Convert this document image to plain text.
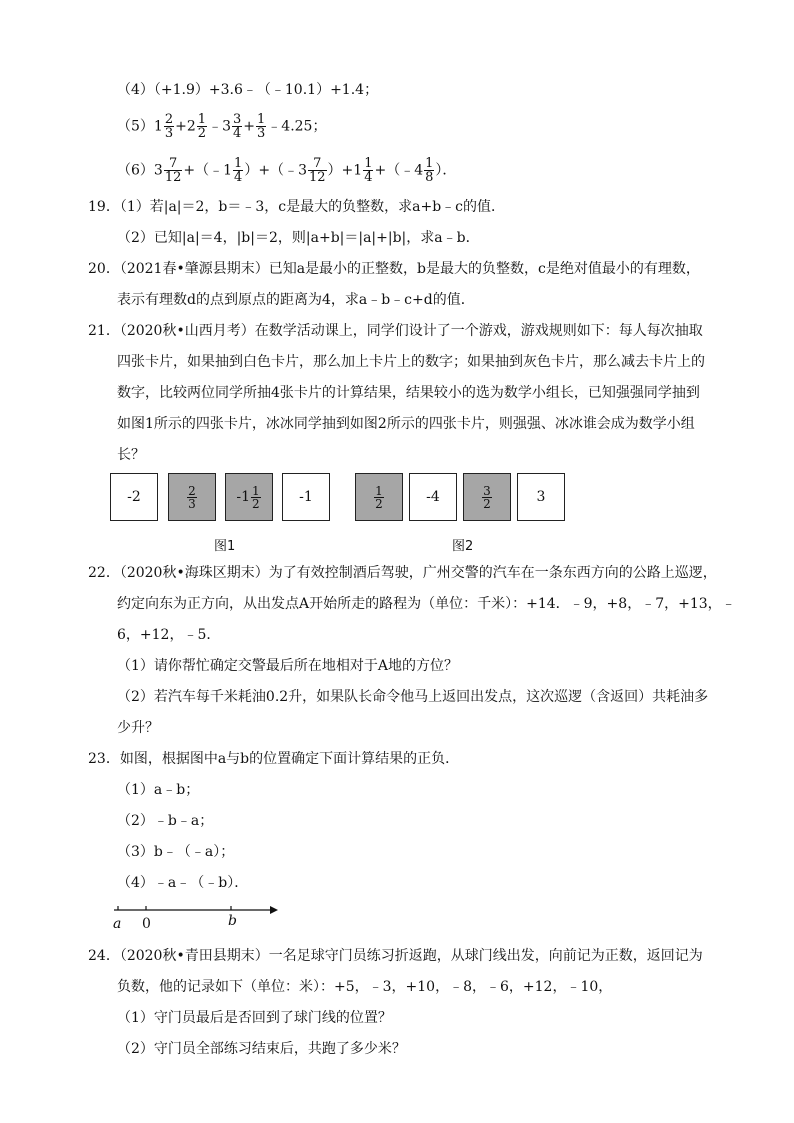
（4）（+1.9）+3.6﹣（﹣10.1）+1.4；
$(5)1 \frac{2}{3} +2 \frac{1}{2}$ ﹣3 $\frac{3}{4} + \frac{1}{3}$ ﹣4.25；
$(6)3 \frac{7}{12}$ +（﹣1 $\frac{1}{4}$ ）+（﹣3 $\frac{7}{12} )+1 \frac{1}{4}$ +（﹣4 $\frac{1}{8}$ ）．
19．（1）若|a|＝2，b＝﹣3，c是最大的负整数，求a+b﹣c的值．
（2）已知|a|＝4，|b|＝2，则|a+b|＝|a|+|b|，求a﹣b．
20．（2021春•肇源县期末）已知a是最小的正整数，b是最大的负整数，c是绝对值最小的有理数，
表示有理数d的点到原点的距离为4，求a﹣b﹣c+d的值．
21．（2020秋•山西月考）在数学活动课上，同学们设计了一个游戏，游戏规则如下：每人每次抽取
四张卡片，如果抽到白色卡片，那么加上卡片上的数字；如果抽到灰色卡片，那么减去卡片上的
数字，比较两位同学所抽4张卡片的计算结果，结果较小的选为数学小组长，已知强强同学抽到
如图1所示的四张卡片，冰冰同学抽到如图2所示的四张卡片，则强强、冰冰谁会成为数学小组
长？
-2	2
3	-1 1
2	-1
图1
1
2	-4	3
2	3
图2
22．（2020秋•海珠区期末）为了有效控制酒后驾驶，广州交警的汽车在一条东西方向的公路上巡逻，
约定向东为正方向，从出发点A开始所走的路程为（单位：千米）：+14．﹣9，+8，﹣7，+13，﹣
6，+12，﹣5．
（1）请你帮忙确定交警最后所在地相对于A地的方位？
（2）若汽车每千米耗油0.2升，如果队长命令他马上返回出发点，这次巡逻（含返回）共耗油多
少升？
23．如图，根据图中a与b的位置确定下面计算结果的正负．
（1）a﹣b；
（2）﹣b﹣a；
（3）b﹣（﹣a）；
（4）﹣a﹣（﹣b）．
a 0	b
24．（2020秋•青田县期末）一名足球守门员练习折返跑，从球门线出发，向前记为正数，返回记为
负数，他的记录如下（单位：米）：+5，﹣3，+10，﹣8，﹣6，+12，﹣10，
（1）守门员最后是否回到了球门线的位置？
（2）守门员全部练习结束后，共跑了多少米？
